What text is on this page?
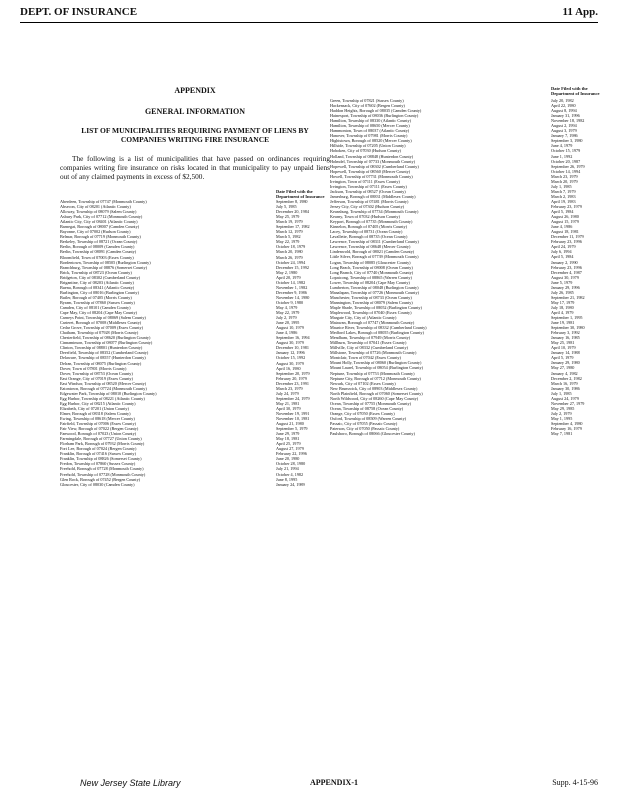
DEPT. OF INSURANCE	11 App.
APPENDIX
GENERAL INFORMATION
LIST OF MUNICIPALITIES REQUIRING PAYMENT OF LIENS BY COMPANIES WRITING FIRE INSURANCE
The following is a list of municipalities that have passed on ordinances requiring companies writing fire insurance on risks located in that municipality to pay unpaid liens out of any claimed payments in excess of $2,500.
Date Filed with the Department of Insurance
Aberdeen, Township of 07747 (Monmouth County)	September 8, 1980
Absecon, City of 08201 (Atlantic County)	July 5, 1985
Alloway, Township of 08079 (Salem County)	December 20, 1984
Asbury Park, City of 07712 (Monmouth County)	May 25, 1979
Atlantic City, City of 08401 (Atlantic County)	March 19, 1979
Barnegat, Borough of 08007 (Camden County)	September 17, 1982
Bayonne, City of 07002 (Hudson County)	March 12, 1979
Belmar, Borough of 07719 (Monmouth County)	March 5, 1982
Berkeley, Township of 08721 (Ocean County)	May 22, 1979
Berlin, Borough of 08009 (Camden County)	October 18, 1979
Berlin, Township of 08091 (Camden County)	March 20, 1980
Bloomfield, Town of 07003 (Essex County)	March 26, 1979
Bordentown, Township of 08505 (Burlington County)	October 24, 1994
Branchburg, Township of 08876 (Somerset County)	December 15, 1992
Brick, Township of 08723 (Ocean County)	May 2, 1980
Bridgeton, City of 08302 (Cumberland County)	April 20, 1979
Brigantine, City of 08203 (Atlantic County)	October 14, 1982
Buena, Borough of 08341 (Atlantic County)	November 1, 1982
Burlington, City of 08016 (Burlington County)	December 9, 1986
Butler, Borough of 07405 (Morris County)	November 14, 1980
Byram, Township of 07860 (Sussex County)	October 9, 1980
Camden, City of 08101 (Camden County)	May 4, 1979
Cape May, City of 08204 (Cape May County)	May 22, 1979
Carneys Point, Township of 08069 (Salem County)	July 2, 1979
Carteret, Borough of 07008 (Middlesex County)	June 20, 1995
Cedar Grove, Township of 07009 (Essex County)	August 10, 1979
Chatham, Township of 07928 (Morris County)	June 4, 1986
Chesterfield, Township of 08620 (Burlington County)	September 16, 1994
Cinnaminson, Township of 08077 (Burlington County)	August 30, 1979
Clinton, Township of 08801 (Hunterdon County)	December 10, 1981
Deerfield, Township of 08352 (Cumberland County)	January 12, 1996
Delaware, Township of 08557 (Hunterdon County)	October 15, 1992
Delran, Township of 08075 (Burlington County)	August 30, 1979
Dover, Town of 07801 (Morris County)	April 16, 1980
Dover, Township of 08753 (Ocean County)	September 20, 1979
East Orange, City of 07019 (Essex County)	February 20, 1979
East Windsor, Township of 08520 (Mercer County)	December 23, 1991
Eatontown, Borough of 07724 (Monmouth County)	March 23, 1979
Edgewater Park, Township of 08010 (Burlington County)	July 24, 1979
Egg Harbor, Township of 08221 (Atlantic County)	September 24, 1979
Egg Harbor, City of 08215 (Atlantic County)	May 21, 1981
Elizabeth, City of 07201 (Union County)	April 30, 1979
Elmer, Borough of 08318 (Salem County)	November 19, 1991
Ewing, Township of 08618 (Mercer County)	November 10, 1981
Fairfield, Township of 07006 (Essex County)	August 21, 1980
Fair View, Borough of 07022 (Bergen County)	September 5, 1979
Fanwood, Borough of 07023 (Union County)	June 29, 1979
Farmingdale, Borough of 07727 (Union County)	May 18, 1981
Florham Park, Borough of 07932 (Morris County)	April 25, 1979
Fort Lee, Borough of 07024 (Bergen County)	August 27, 1979
Franklin, Borough of 07416 (Sussex County)	February 22, 1996
Franklin, Township of 08826 (Somerset County)	June 20, 1980
Fredon, Township of 07860 (Sussex County)	October 28, 1980
Freehold, Borough of 07728 (Monmouth County)	July 21, 1994
Freehold, Township of 07728 (Monmouth County)	October 4, 1982
Glen Rock, Borough of 07452 (Bergen County)	June 8, 1995
Gloucester, City of 08030 (Camden County)	January 24, 1989
Date Filed with the Department of Insurance
Green, Township of 07821 (Sussex County)	July 20, 1982
Hackensack, City of 07602 (Bergen County)	April 22, 1980
Haddon Heights, Borough of 08035 (Camden County)	August 8, 1994
Hainesport, Township of 08036 (Burlington County)	January 31, 1996
Hamilton, Township of 08330 (Atlantic County)	November 18, 1982
Hamilton, Township of 08650 (Mercer County)	August 2, 1994
Hammonton, Town of 08037 (Atlantic County)	August 3, 1979
Hanover, Township of 07981 (Morris County)	January 7, 1986
Hightstown, Borough of 08520 (Mercer County)	September 3, 1980
Hillside, Township of 07205 (Union County)	June 4, 1979
Hoboken, City of 07030 (Hudson County)	October 15, 1979
Holland, Township of 08848 (Hunterdon County)	June 1, 1992
Holmdel, Township of 07733 (Monmouth County)	October 20, 1987
Hopewell, Township of 08302 (Cumberland County)	September 26, 1979
Hopewell, Township of 08560 (Mercer County)	October 14, 1994
Howell, Township of 07731 (Monmouth County)	March 23, 1979
Irvington, Town of 07111 (Essex County)	March 20, 1979
Irvington, Township of 07111 (Essex County)	July 1, 1985
Jackson, Township of 08527 (Ocean County)	March 7, 1979
Jamesburg, Borough of 08831 (Middlesex County)	March 2, 1983
Jefferson, Township of 07481 (Morris County)	April 19, 1983
Jersey City, City of 07302 (Hudson County)	February 23, 1979
Keansburg, Township of 07734 (Monmouth County)	April 5, 1984
Kearny, Town of 07032 (Hudson County)	August 26, 1980
Keyport, Borough of 07735 (Monmouth County)	August 15, 1979
Kinnelon, Borough of 07405 (Morris County)	June 4, 1986
Lacey, Township of 08731 (Ocean County)	August 18, 1981
Lavallette, Borough of 08735 (Ocean County)	December 11, 1979
Lawrence, Township of 08311 (Cumberland County)	February 23, 1996
Lawrence, Township of 08648 (Mercer County)	April 24, 1979
Lindenwold, Borough of 08021 (Camden County)	July 6, 1994
Little Silver, Borough of 07739 (Monmouth County)	April 5, 1984
Logan, Township of 08085 (Gloucester County)	January 2, 1990
Long Beach, Township of 08008 (Ocean County)	February 23, 1996
Long Branch, City of 07740 (Monmouth County)	December 4, 1987
Lopatcong, Township of 08865 (Warren County)	August 30, 1979
Lower, Township of 08204 (Cape May County)	June 5, 1979
Lumberton, Township of 08048 (Burlington County)	January 29, 1996
Manalapan, Township of 07726 (Monmouth County)	July 26, 1985
Manchester, Township of 08733 (Ocean County)	September 21, 1982
Mannington, Township of 08079 (Salem County)	May 17, 1979
Maple Shade, Township of 08052 (Burlington County)	July 18, 1980
Maplewood, Township of 07040 (Essex County)	April 4, 1979
Margate City, City of (Atlantic County)	September 1, 1995
Matawan, Borough of 07747 (Monmouth County)	June 19, 1981
Maurice River, Township of 08332 (Cumberland County)	September 30, 1980
Medford Lakes, Borough of 08055 (Burlington County)	February 3, 1992
Mendham, Township of 07949 (Morris County)	January 16, 1985
Millburn, Township of 07041 (Essex County)	May 25, 1981
Millville, City of 08332 (Cumberland County)	April 10, 1979
Millstone, Township of 07726 (Monmouth County)	January 14, 1988
Montclair, Town of 07042 (Essex County)	April 5, 1979
Mount Holly, Township of 08060 (Burlington County)	January 29, 1980
Mount Laurel, Township of 08054 (Burlington County)	May 27, 1980
Neptune, Township of 07753 (Monmouth County)	January 4, 1982
Neptune City, Borough of 07712 (Monmouth County)	December 2, 1982
Newark, City of 07102 (Essex County)	March 16, 1979
New Brunswick, City of 08903 (Middlesex County)	January 30, 1986
North Plainfield, Borough of 07060 (Somerset County)	July 1, 1985
North Wildwood, City of 08260 (Cape May County)	August 24, 1979
Ocean, Township of 07755 (Monmouth County)	November 27, 1979
Ocean, Township of 08758 (Ocean County)	May 29, 1985
Orange, City of 07050 (Essex County)	July 2, 1979
Oxford, Township of 08509 (Warren County)	May 1, 1995
Passaic, City of 07055 (Passaic County)	September 4, 1980
Paterson, City of 07050 (Passaic County)	February 16, 1979
Paulsboro, Borough of 08066 (Gloucester County)	May 7, 1981
New Jersey State Library	APPENDIX-1	Supp. 4-15-96
